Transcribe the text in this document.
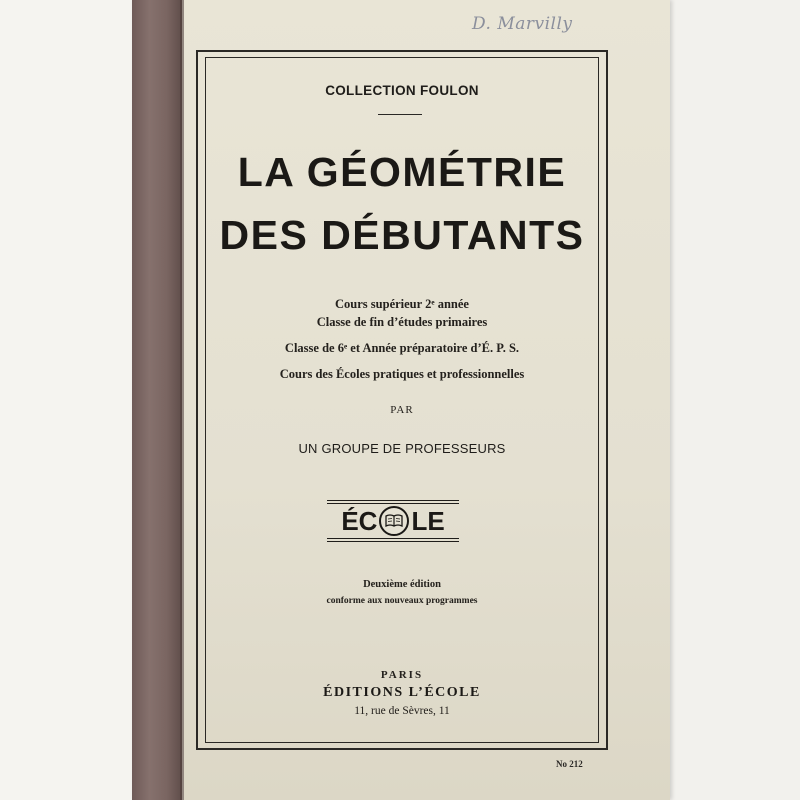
D. Marvilly
COLLECTION FOULON
LA GÉOMÉTRIE
DES DÉBUTANTS
Cours supérieur 2ᵉ année
Classe de fin d’études primaires
Classe de 6ᵉ et Année préparatoire d’É. P. S.
Cours des Écoles pratiques et professionnelles
PAR
UN GROUPE DE PROFESSEURS
ÉC LE
Deuxième édition
conforme aux nouveaux programmes
PARIS
ÉDITIONS L’ÉCOLE
11, rue de Sèvres, 11
No 212
